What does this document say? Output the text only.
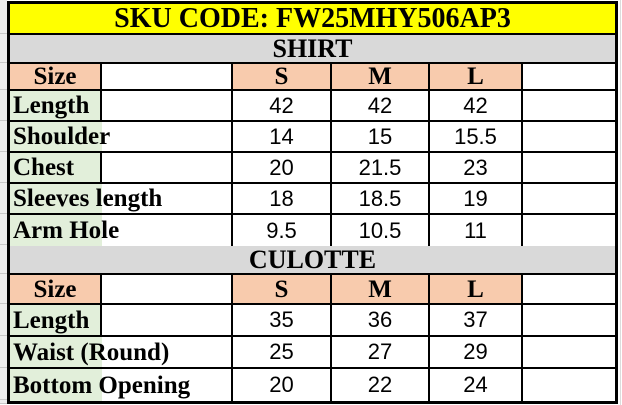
SKU CODE: FW25MHY506AP3
SHIRT
Size	S	M	L
Length	42	42	42
Shoulder	14	15	15.5
Chest	20	21.5	23
Sleeves length	18	18.5	19
Arm Hole	9.5	10.5	11
CULOTTE
Size	S	M	L
Length	35	36	37
Waist (Round)	25	27	29
Bottom Opening	20	22	24
